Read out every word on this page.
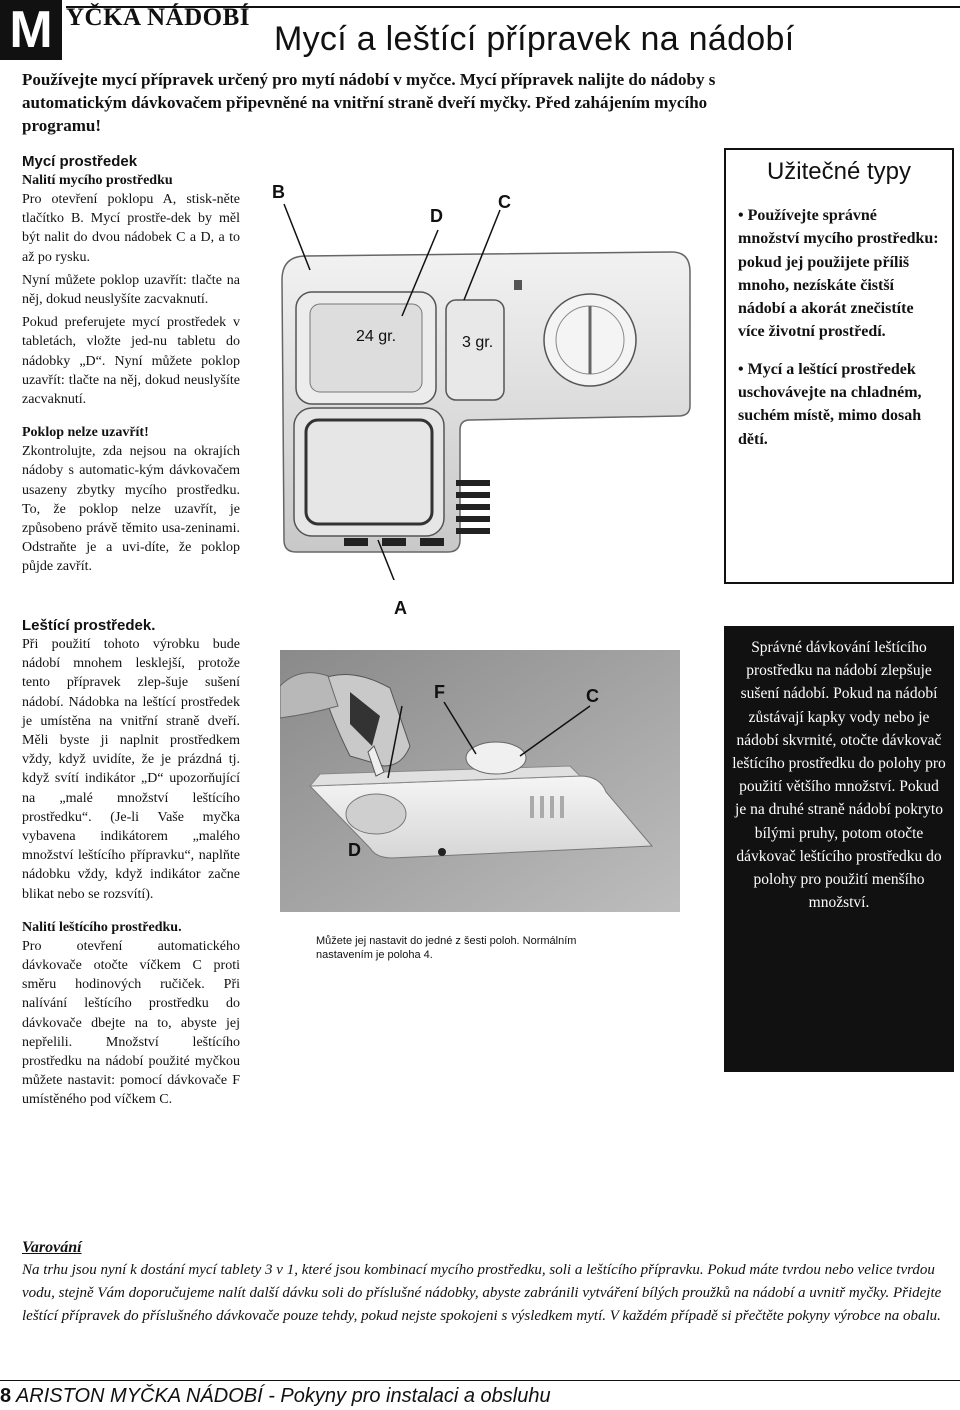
M YČKA NÁDOBÍ
Mycí a leštící přípravek na nádobí
Používejte mycí přípravek určený pro mytí nádobí v myčce. Mycí přípravek nalijte do nádoby s automatickým dávkovačem připevněné na vnitřní straně dveří myčky. Před zahájením mycího programu!
Mycí prostředek
Nalití mycího prostředku
Pro otevření poklopu A, stisk-něte tlačítko B. Mycí prostře-dek by měl být nalit do dvou nádobek C a D, a to až po rysku.
Nyní můžete poklop uzavřít: tlačte na něj, dokud neuslyšíte zacvaknutí.
Pokud preferujete mycí prostředek v tabletách, vložte jed-nu tabletu do nádobky „D“. Nyní můžete poklop uzavřít: tlačte na něj, dokud neuslyšíte zacvaknutí.
Poklop nelze uzavřít!
Zkontrolujte, zda nejsou na okrajích nádoby s automatic-kým dávkovačem usazeny zbytky mycího prostředku. To, že poklop nelze uzavřít, je způsobeno právě těmito usa-zeninami. Odstraňte je a uvi-díte, že poklop půjde zavřít.
Leštící prostředek.
Při použití tohoto výrobku bude nádobí mnohem lesklejší, protože tento přípravek zlep-šuje sušení nádobí. Nádobka na leštící prostředek je umístěna na vnitřní straně dveří. Měli byste ji naplnit prostředkem vždy, když uvidíte, že je prázdná tj. když svítí indikátor „D“ upozorňující na „malé množství leštícího prostředku“. (Je-li Vaše myčka vybavena indikátorem „malého množství leštícího přípravku“, naplňte nádobku vždy, když indikátor začne blikat nebo se rozsvítí).
Nalití leštícího prostředku.
Pro otevření automatického dávkovače otočte víčkem C proti směru hodinových ručiček. Při nalívání leštícího prostředku do dávkovače dbejte na to, abyste jej nepřelili. Množství leštícího prostředku na nádobí použité myčkou můžete nastavit: pomocí dávkovače F umístěného pod víčkem C.
B
D
C
24 gr.	3 gr.
A
F	C
D
Můžete jej nastavit do jedné z šesti poloh. Normálním nastavením je poloha 4.
Užitečné typy
• Používejte správné množství mycího prostředku: pokud jej použijete příliš mnoho, nezískáte čistší nádobí a akorát znečistíte více životní prostředí.
• Mycí a leštící prostředek uschovávejte na chladném, suchém místě, mimo dosah dětí.
Správné dávkování leštícího prostředku na nádobí zlepšuje sušení nádobí. Pokud na nádobí zůstávají kapky vody nebo je nádobí skvrnité, otočte dávkovač leštícího prostředku do polohy pro použití většího množství. Pokud je na druhé straně nádobí pokryto bílými pruhy, potom otočte dávkovač leštícího prostředku do polohy pro použití menšího množství.
Varování
Na trhu jsou nyní k dostání mycí tablety 3 v 1, které jsou kombinací mycího prostředku, soli a leštícího přípravku. Pokud máte tvrdou nebo velice tvrdou vodu, stejně Vám doporučujeme nalít další dávku soli do příslušné nádobky, abyste zabránili vytváření bílých proužků na nádobí a uvnitř myčky. Přidejte leštící přípravek do příslušného dávkovače pouze tehdy, pokud nejste spokojeni s výsledkem mytí. V každém případě si přečtěte pokyny výrobce na obalu.
8 ARISTON MYČKA NÁDOBÍ - Pokyny pro instalaci a obsluhu
